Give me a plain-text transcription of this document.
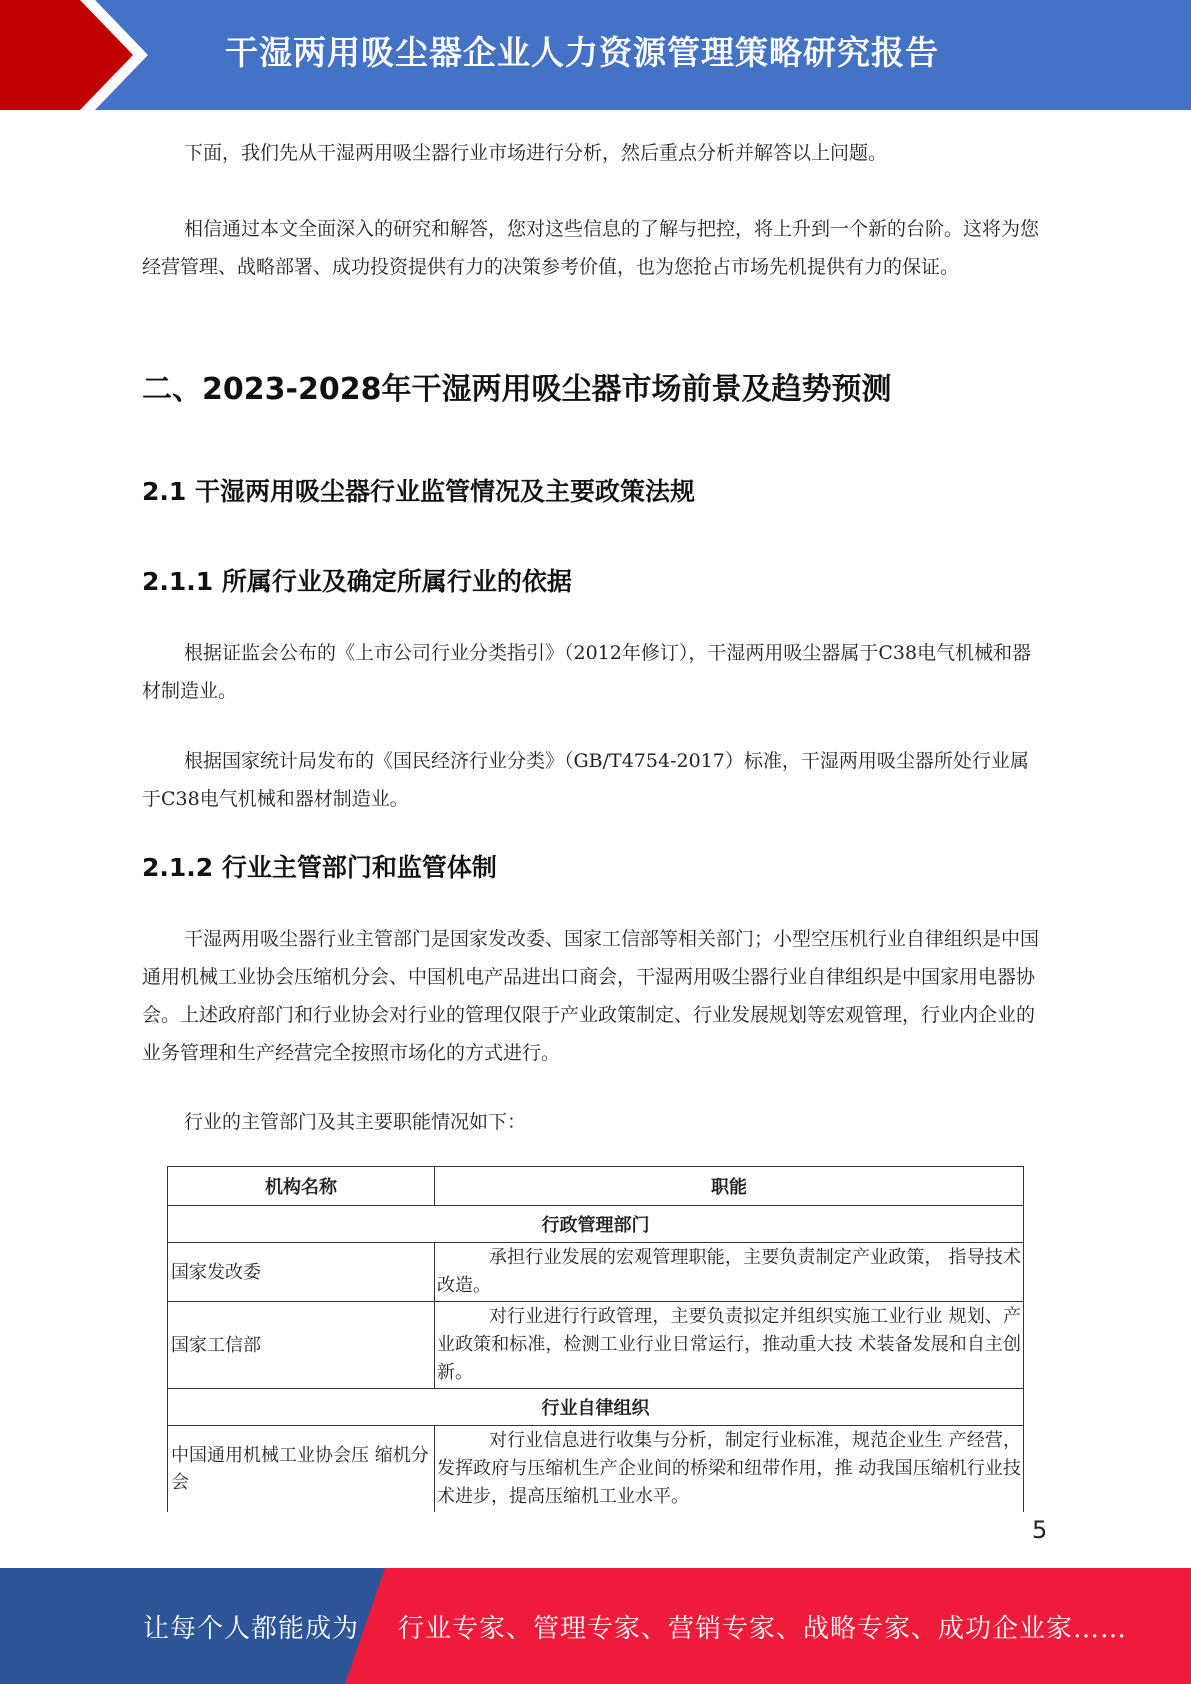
干湿两用吸尘器企业人力资源管理策略研究报告

下面，我们先从干湿两用吸尘器行业市场进行分析，然后重点分析并解答以上问题。

相信通过本文全面深入的研究和解答，您对这些信息的了解与把控，将上升到一个新的台阶。这将为您经营管理、战略部署、成功投资提供有力的决策参考价值，也为您抢占市场先机提供有力的保证。

二、2023-2028年干湿两用吸尘器市场前景及趋势预测
2.1 干湿两用吸尘器行业监管情况及主要政策法规
2.1.1 所属行业及确定所属行业的依据

根据证监会公布的《上市公司行业分类指引》（2012年修订），干湿两用吸尘器属于C38电气机械和器材制造业。

根据国家统计局发布的《国民经济行业分类》（GB/T4754-2017）标准，干湿两用吸尘器所处行业属于C38电气机械和器材制造业。

2.1.2 行业主管部门和监管体制

干湿两用吸尘器行业主管部门是国家发改委、国家工信部等相关部门；小型空压机行业自律组织是中国通用机械工业协会压缩机分会、中国机电产品进出口商会，干湿两用吸尘器行业自律组织是中国家用电器协会。上述政府部门和行业协会对行业的管理仅限于产业政策制定、行业发展规划等宏观管理，行业内企业的业务管理和生产经营完全按照市场化的方式进行。

行业的主管部门及其主要职能情况如下：

机构名称	职能
行政管理部门	
国家发改委	承担行业发展的宏观管理职能，主要负责制定产业政策， 指导技术改造。
国家工信部	对行业进行行政管理，主要负责拟定并组织实施工业行业 规划、产业政策和标准，检测工业行业日常运行，推动重大技 术装备发展和自主创新。
行业自律组织	
中国通用机械工业协会压 缩机分会	对行业信息进行收集与分析，制定行业标准，规范企业生 产经营，发挥政府与压缩机生产企业间的桥梁和纽带作用，推 动我国压缩机行业技术进步，提高压缩机工业水平。
5
让每个人都能成为 行业专家、管理专家、营销专家、战略专家、成功企业家……
